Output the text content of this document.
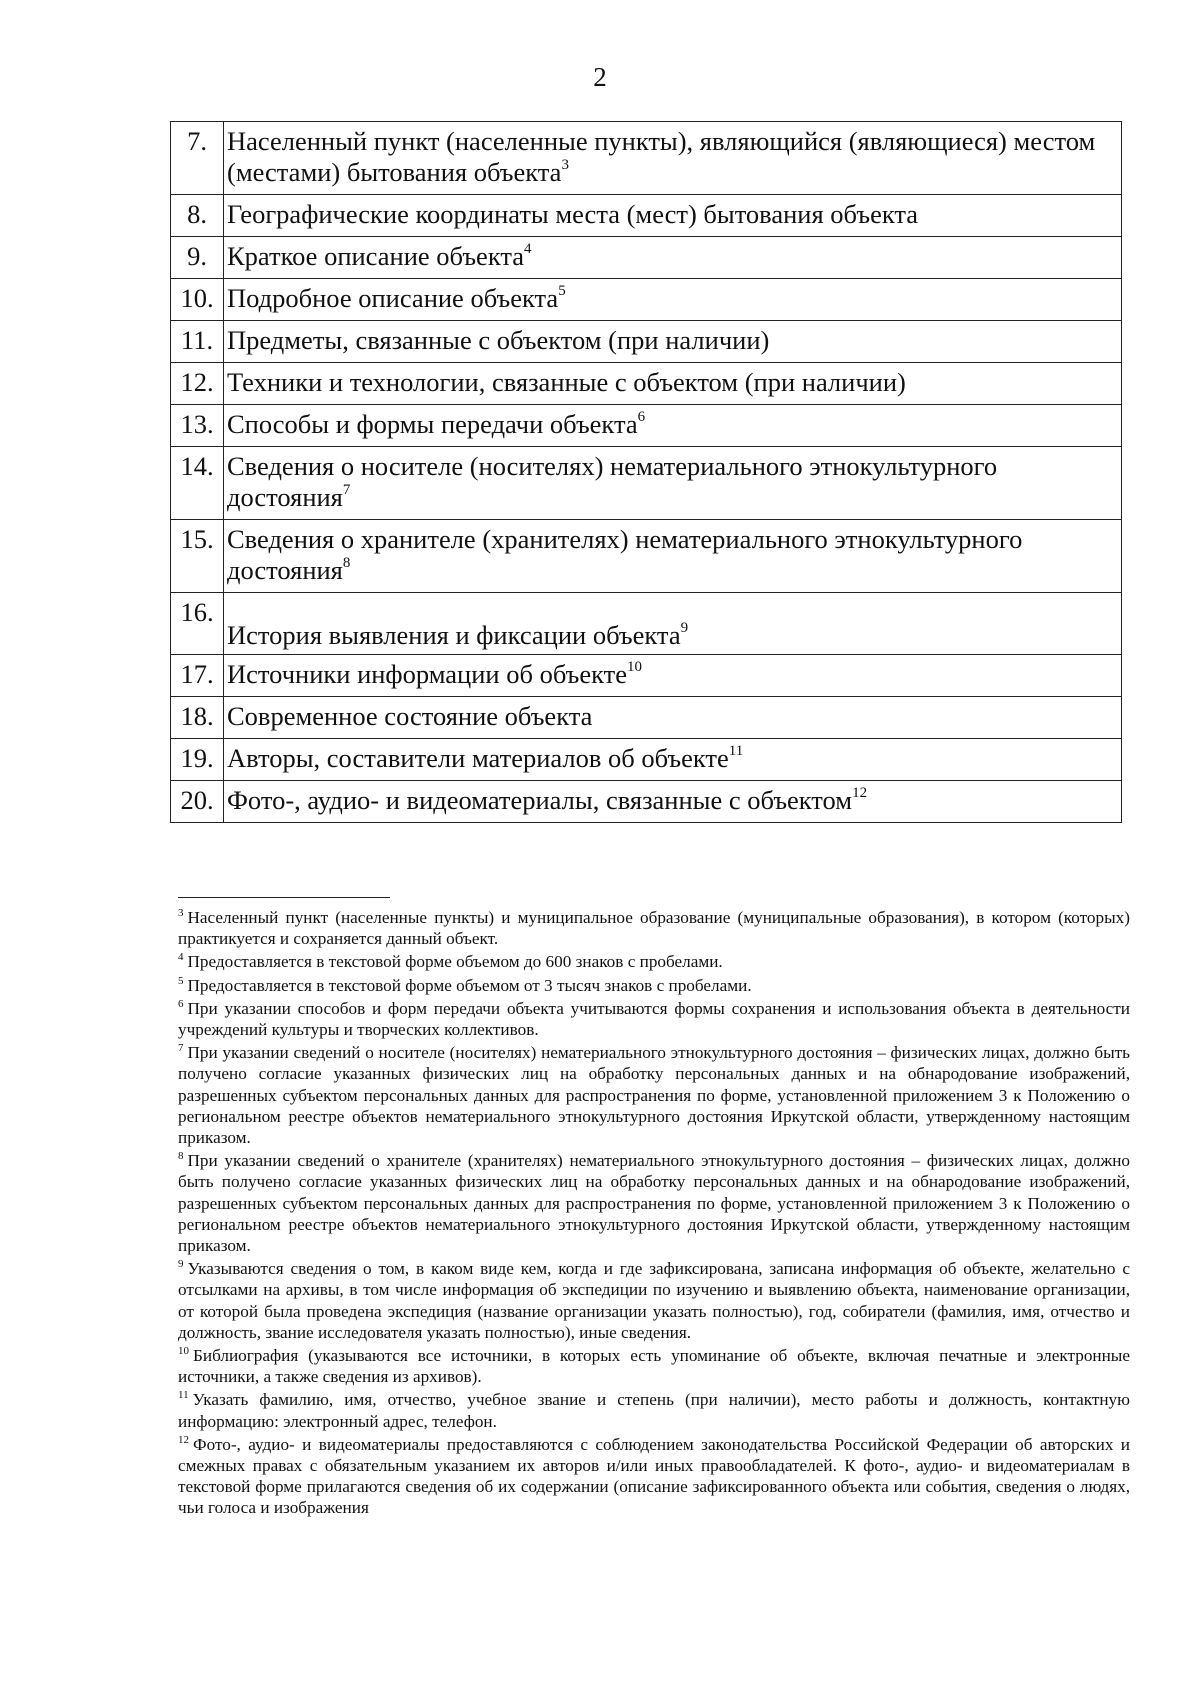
2
7.	Населенный пункт (населенные пункты), являющийся (являющиеся) местом (местами) бытования объекта$^3$
8.	Географические координаты места (мест) бытования объекта
9.	Краткое описание объекта$^4$
10.	Подробное описание объекта$^5$
11.	Предметы, связанные с объектом (при наличии)
12.	Техники и технологии, связанные с объектом (при наличии)
13.	Способы и формы передачи объекта$^6$
14.	Сведения о носителе (носителях) нематериального этнокультурного достояния$^7$
15.	Сведения о хранителе (хранителях) нематериального этнокультурного достояния$^8$
16.	История выявления и фиксации объекта$^9$
17.	Источники информации об объекте$^{10}$
18.	Современное состояние объекта
19.	Авторы, составители материалов об объекте$^{11}$
20.	Фото-, аудио- и видеоматериалы, связанные с объектом$^{12}$

$^3$ Населенный пункт (населенные пункты) и муниципальное образование (муниципальные образования), в котором (которых) практикуется и сохраняется данный объект.

$^4$ Предоставляется в текстовой форме объемом до 600 знаков с пробелами.

$^5$ Предоставляется в текстовой форме объемом от 3 тысяч знаков с пробелами.

$^6$ При указании способов и форм передачи объекта учитываются формы сохранения и использования объекта в деятельности учреждений культуры и творческих коллективов.

$^7$ При указании сведений о носителе (носителях) нематериального этнокультурного достояния – физических лицах, должно быть получено согласие указанных физических лиц на обработку персональных данных и на обнародование изображений, разрешенных субъектом персональных данных для распространения по форме, установленной приложением 3 к Положению о региональном реестре объектов нематериального этнокультурного достояния Иркутской области, утвержденному настоящим приказом.

$^8$ При указании сведений о хранителе (хранителях) нематериального этнокультурного достояния – физических лицах, должно быть получено согласие указанных физических лиц на обработку персональных данных и на обнародование изображений, разрешенных субъектом персональных данных для распространения по форме, установленной приложением 3 к Положению о региональном реестре объектов нематериального этнокультурного достояния Иркутской области, утвержденному настоящим приказом.

$^9$ Указываются сведения о том, в каком виде кем, когда и где зафиксирована, записана информация об объекте, желательно с отсылками на архивы, в том числе информация об экспедиции по изучению и выявлению объекта, наименование организации, от которой была проведена экспедиция (название организации указать полностью), год, собиратели (фамилия, имя, отчество и должность, звание исследователя указать полностью), иные сведения.

$^{10}$ Библиография (указываются все источники, в которых есть упоминание об объекте, включая печатные и электронные источники, а также сведения из архивов).

$^{11}$ Указать фамилию, имя, отчество, учебное звание и степень (при наличии), место работы и должность, контактную информацию: электронный адрес, телефон.

$^{12}$ Фото-, аудио- и видеоматериалы предоставляются с соблюдением законодательства Российской Федерации об авторских и смежных правах с обязательным указанием их авторов и/или иных правообладателей. К фото-, аудио- и видеоматериалам в текстовой форме прилагаются сведения об их содержании (описание зафиксированного объекта или события, сведения о людях, чьи голоса и изображения
